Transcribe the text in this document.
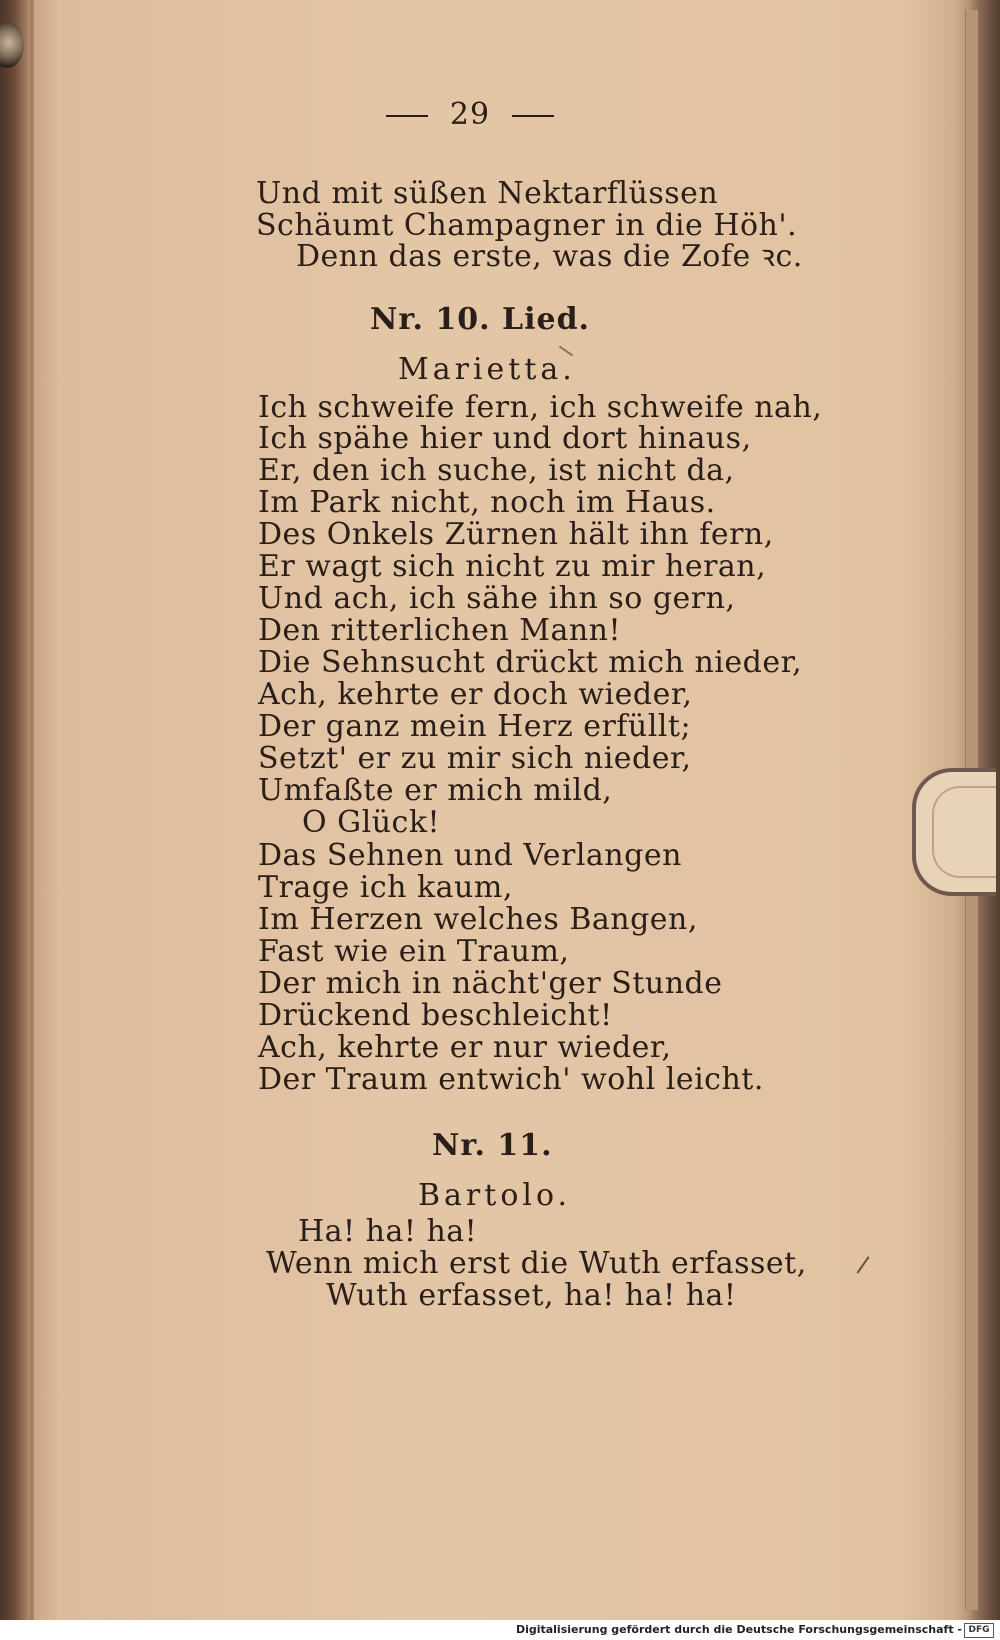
29
Und mit süßen Nektarflüssen
Schäumt Champagner in die Höh'.
Denn das erste, was die Zofe ꝛc.
Nr. 10. Lied.
Marietta.
Ich schweife fern, ich schweife nah,
Ich spähe hier und dort hinaus,
Er, den ich suche, ist nicht da,
Im Park nicht, noch im Haus.
Des Onkels Zürnen hält ihn fern,
Er wagt sich nicht zu mir heran,
Und ach, ich sähe ihn so gern,
Den ritterlichen Mann!
Die Sehnsucht drückt mich nieder,
Ach, kehrte er doch wieder,
Der ganz mein Herz erfüllt;
Setzt' er zu mir sich nieder,
Umfaßte er mich mild,
O Glück!
Das Sehnen und Verlangen
Trage ich kaum,
Im Herzen welches Bangen,
Fast wie ein Traum,
Der mich in nächt'ger Stunde
Drückend beschleicht!
Ach, kehrte er nur wieder,
Der Traum entwich' wohl leicht.
Nr. 11.
Bartolo.
Ha! ha! ha!
Wenn mich erst die Wuth erfasset,
Wuth erfasset, ha! ha! ha!
Digitalisierung gefördert durch die Deutsche Forschungsgemeinschaft - DFG
